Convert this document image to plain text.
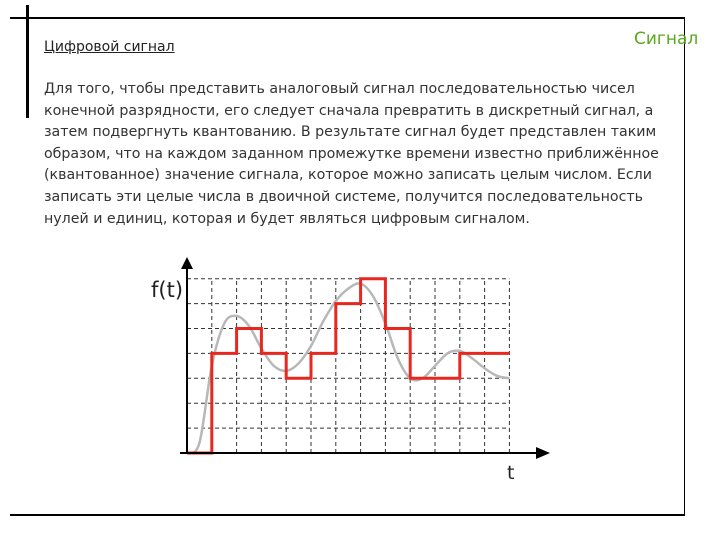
Сигнал
Цифровой сигнал
Для того, чтобы представить аналоговый сигнал последовательностью чисел конечной разрядности, его следует сначала превратить в дискретный сигнал, а затем подвергнуть квантованию. В результате сигнал будет представлен таким образом, что на каждом заданном промежутке времени известно приближённое (квантованное) значение сигнала, которое можно записать целым числом. Если записать эти целые числа в двоичной системе, получится последовательность нулей и единиц, которая и будет являться цифровым сигналом.
f(t)
t
